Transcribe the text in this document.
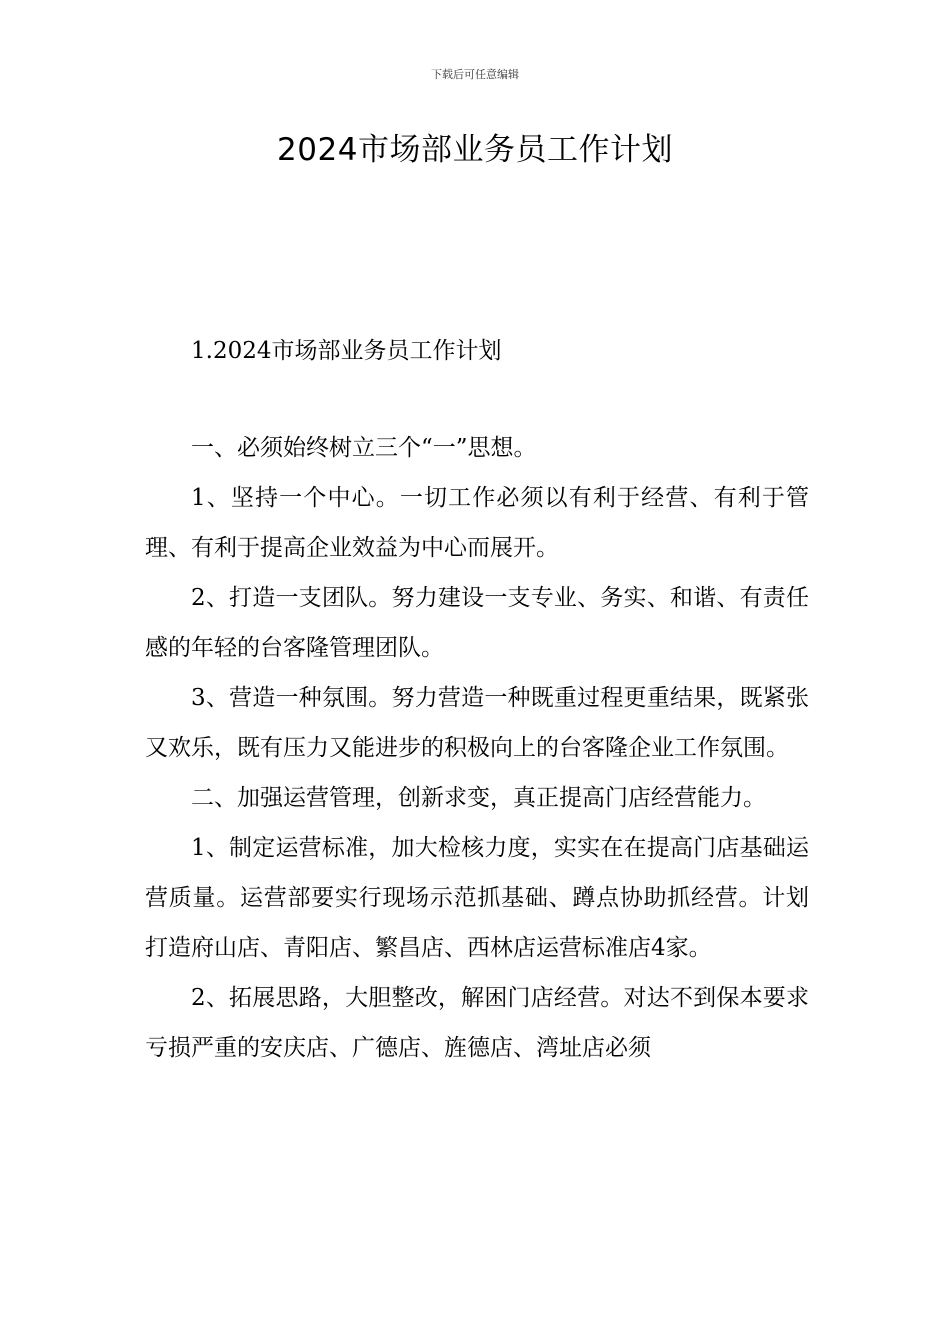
下载后可任意编辑
2024市场部业务员工作计划

1.2024市场部业务员工作计划

一、必须始终树立三个“一”思想。

1、坚持一个中心。一切工作必须以有利于经营、有利于管理、有利于提高企业效益为中心而展开。

2、打造一支团队。努力建设一支专业、务实、和谐、有责任感的年轻的台客隆管理团队。

3、营造一种氛围。努力营造一种既重过程更重结果，既紧张又欢乐，既有压力又能进步的积极向上的台客隆企业工作氛围。

二、加强运营管理，创新求变，真正提高门店经营能力。

1、制定运营标准，加大检核力度，实实在在提高门店基础运营质量。运营部要实行现场示范抓基础、蹲点协助抓经营。计划打造府山店、青阳店、繁昌店、西林店运营标准店4家。

2、拓展思路，大胆整改，解困门店经营。对达不到保本要求亏损严重的安庆店、广德店、旌德店、湾址店必须
